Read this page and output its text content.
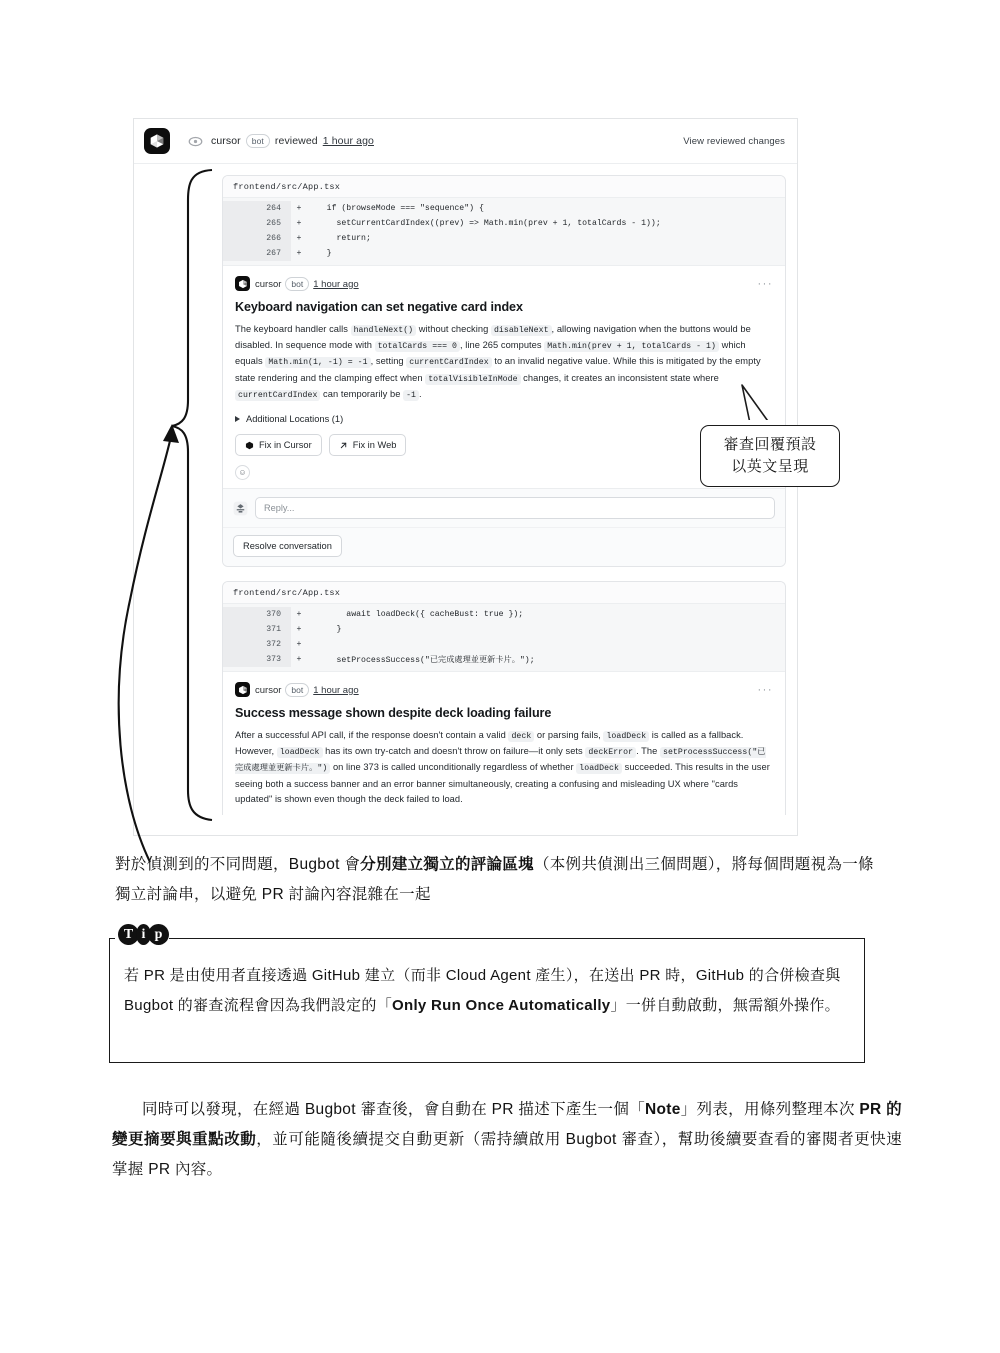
cursor	bot	reviewed 1 hour ago	View reviewed changes
frontend/src/App.tsx
264	+ if (browseMode === "sequence") {
265	+ setCurrentCardIndex((prev) => Math.min(prev + 1, totalCards - 1));
266	+ return;
267	+ }
cursor	bot	1 hour ago	···
Keyboard navigation can set negative card index
The keyboard handler calls handleNext() without checking disableNext , allowing navigation when the buttons would be disabled. In sequence mode with totalCards === 0 , line 265 computes Math.min(prev + 1, totalCards - 1) which equals Math.min(1, -1) = -1 , setting currentCardIndex to an invalid negative value. While this is mitigated by the empty state rendering and the clamping effect when totalVisibleInMode changes, it creates an inconsistent state where currentCardIndex can temporarily be -1 .
Additional Locations (1)
Fix in Cursor	Fix in Web
☺
Reply...
Resolve conversation
frontend/src/App.tsx
370	+ await loadDeck({ cacheBust: true });
371	+ }
372	+
373	+ setProcessSuccess("已完成處理並更新卡片。");
cursor	bot	1 hour ago	···
Success message shown despite deck loading failure
After a successful API call, if the response doesn't contain a valid deck or parsing fails, loadDeck is called as a fallback. However, loadDeck has its own try-catch and doesn't throw on failure—it only sets deckError . The setProcessSuccess("已完成處理並更新卡片。") on line 373 is called unconditionally regardless of whether loadDeck succeeded. This results in the user seeing both a success banner and an error banner simultaneously, creating a confusing and misleading UX where "cards updated" is shown even though the deck failed to load.
審查回覆預設
以英文呈現
對於偵測到的不同問題，Bugbot 會分別建立獨立的評論區塊（本例共偵測出三個問題），將每個問題視為一條獨立討論串，以避免 PR 討論內容混雜在一起
T i p
若 PR 是由使用者直接透過 GitHub 建立（而非 Cloud Agent 產生），在送出 PR 時，GitHub 的合併檢查與 Bugbot 的審查流程會因為我們設定的「Only Run Once Automatically」一併自動啟動，無需額外操作。
同時可以發現，在經過 Bugbot 審查後，會自動在 PR 描述下產生一個「Note」列表，用條列整理本次 PR 的變更摘要與重點改動，並可能隨後續提交自動更新（需持續啟用 Bugbot 審查），幫助後續要查看的審閱者更快速掌握 PR 內容。
